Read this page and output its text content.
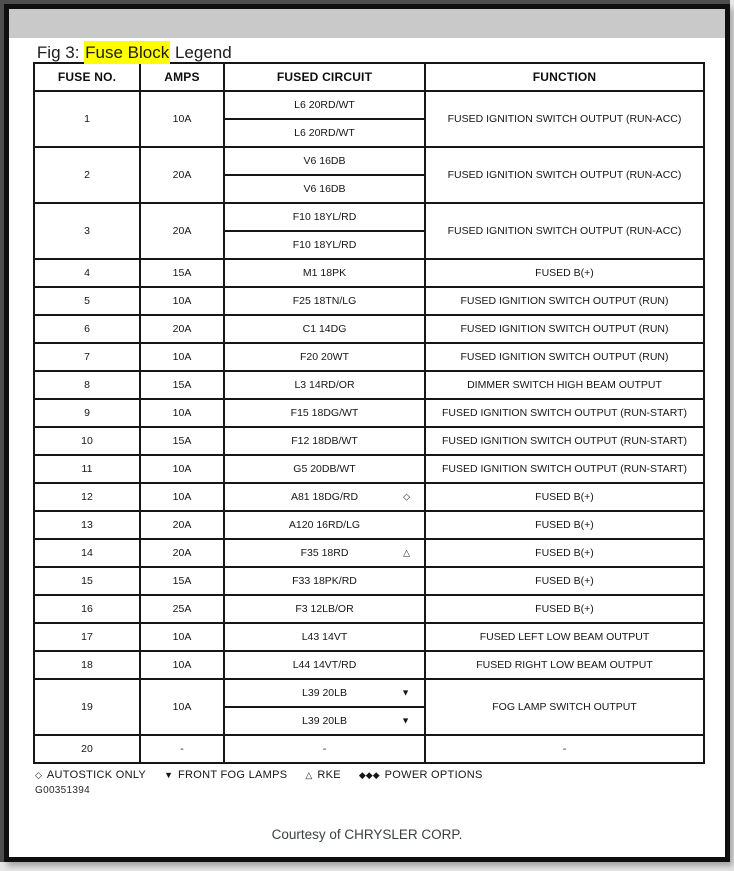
Fig 3: Fuse Block Legend

FUSE NO.	AMPS	FUSED CIRCUIT	FUNCTION
1	10A	L6 20RD/WT	FUSED IGNITION SWITCH OUTPUT (RUN-ACC)
		L6 20RD/WT	
2	20A	V6 16DB	FUSED IGNITION SWITCH OUTPUT (RUN-ACC)
		V6 16DB	
3	20A	F10 18YL/RD	FUSED IGNITION SWITCH OUTPUT (RUN-ACC)
		F10 18YL/RD	
4	15A	M1 18PK	FUSED B(+)
5	10A	F25 18TN/LG	FUSED IGNITION SWITCH OUTPUT (RUN)
6	20A	C1 14DG	FUSED IGNITION SWITCH OUTPUT (RUN)
7	10A	F20 20WT	FUSED IGNITION SWITCH OUTPUT (RUN)
8	15A	L3 14RD/OR	DIMMER SWITCH HIGH BEAM OUTPUT
9	10A	F15 18DG/WT	FUSED IGNITION SWITCH OUTPUT (RUN-START)
10	15A	F12 18DB/WT	FUSED IGNITION SWITCH OUTPUT (RUN-START)
11	10A	G5 20DB/WT	FUSED IGNITION SWITCH OUTPUT (RUN-START)
12	10A	A81 18DG/RD ◇	FUSED B(+)
13	20A	A120 16RD/LG	FUSED B(+)
14	20A	F35 18RD △	FUSED B(+)
15	15A	F33 18PK/RD	FUSED B(+)
16	25A	F3 12LB/OR	FUSED B(+)
17	10A	L43 14VT	FUSED LEFT LOW BEAM OUTPUT
18	10A	L44 14VT/RD	FUSED RIGHT LOW BEAM OUTPUT
19	10A	L39 20LB ▼	FOG LAMP SWITCH OUTPUT
		L39 20LB ▼	

20	-	-	-
◇ AUTOSTICK ONLY ▼ FRONT FOG LAMPS △ RKE ◆◆◆ POWER OPTIONS
G00351394
Courtesy of CHRYSLER CORP.
